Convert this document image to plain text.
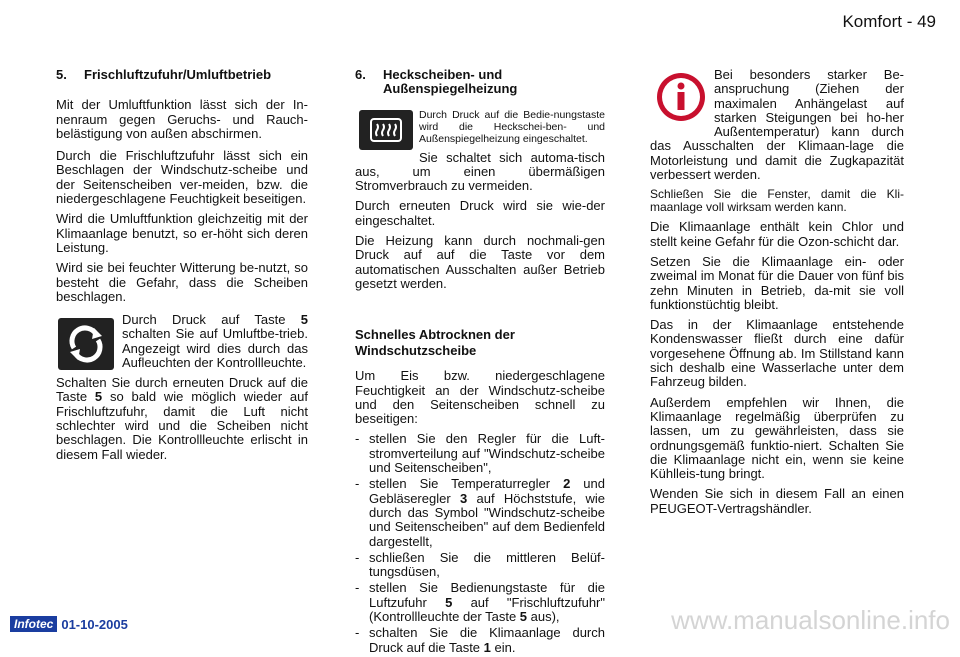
Komfort - 49
5. Frischluftzufuhr/Umluftbetrieb

Mit der Umluftfunktion lässt sich der In-nenraum gegen Geruchs- und Rauch-belästigung von außen abschirmen.

Durch die Frischluftzufuhr lässt sich ein Beschlagen der Windschutz-scheibe und der Seitenscheiben ver-meiden, bzw. die niedergeschlagene Feuchtigkeit beseitigen.

Wird die Umluftfunktion gleichzeitig mit der Klimaanlage benutzt, so er-höht sich deren Leistung.

Wird sie bei feuchter Witterung be-nutzt, so besteht die Gefahr, dass die Scheiben beschlagen.

Durch Druck auf Taste 5 schalten Sie auf Umluftbe-trieb. Angezeigt wird dies durch das Aufleuchten der Kontrollleuchte.

Schalten Sie durch erneuten Druck auf die Taste 5 so bald wie möglich wieder auf Frischluftzufuhr, damit die Luft nicht schlechter wird und die Scheiben nicht beschlagen. Die Kontrollleuchte erlischt in diesem Fall wieder.

6.	Heckscheiben- und Außenspiegelheizung

Durch Druck auf die Bedie-nungstaste wird die Heckschei-ben- und Außenspiegelheizung eingeschaltet.

Sie schaltet sich automa-tisch aus, um einen übermäßigen Stromverbrauch zu vermeiden.

Durch erneuten Druck wird sie wie-der eingeschaltet.

Die Heizung kann durch nochmali-gen Druck auf auf die Taste vor dem automatischen Ausschalten außer Betrieb gesetzt werden.

Schnelles Abtrocknen der Windschutzscheibe

Um Eis bzw. niedergeschlagene Feuchtigkeit an der Windschutz-scheibe und den Seitenscheiben schnell zu beseitigen:

- stellen Sie den Regler für die Luft-stromverteilung auf "Windschutz-scheibe und Seitenscheiben",
- stellen Sie Temperaturregler 2 und Gebläseregler 3 auf Höchststufe, wie durch das Symbol "Windschutz-scheibe und Seitenscheiben" auf dem Bedienfeld dargestellt,
- schließen Sie die mittleren Belüf-tungsdüsen,
- stellen Sie Bedienungstaste für die Luftzufuhr 5 auf "Frischluftzufuhr" (Kontrollleuchte der Taste 5 aus),
- schalten Sie die Klimaanlage durch Druck auf die Taste 1 ein.

Bei besonders starker Be-anspruchung (Ziehen der maximalen Anhängelast auf starken Steigungen bei ho-her Außentemperatur) kann durch das Ausschalten der Klimaan-lage die Motorleistung und damit die Zugkapazität verbessert werden.

Schließen Sie die Fenster, damit die Kli-maanlage voll wirksam werden kann.

Die Klimaanlage enthält kein Chlor und stellt keine Gefahr für die Ozon-schicht dar.

Setzen Sie die Klimaanlage ein- oder zweimal im Monat für die Dauer von fünf bis zehn Minuten in Betrieb, da-mit sie voll funktionstüchtig bleibt.

Das in der Klimaanlage entstehende Kondenswasser fließt durch eine dafür vorgesehene Öffnung ab. Im Stillstand kann sich deshalb eine Wasserlache unter dem Fahrzeug bilden.

Außerdem empfehlen wir Ihnen, die Klimaanlage regelmäßig überprüfen zu lassen, um zu gewährleisten, dass sie ordnungsgemäß funktio-niert. Schalten Sie die Klimaanlage nicht ein, wenn sie keine Kühlleis-tung bringt.

Wenden Sie sich in diesem Fall an einen PEUGEOT-Vertragshändler.

Infotec 01-10-2005	www.manualsonline.info
